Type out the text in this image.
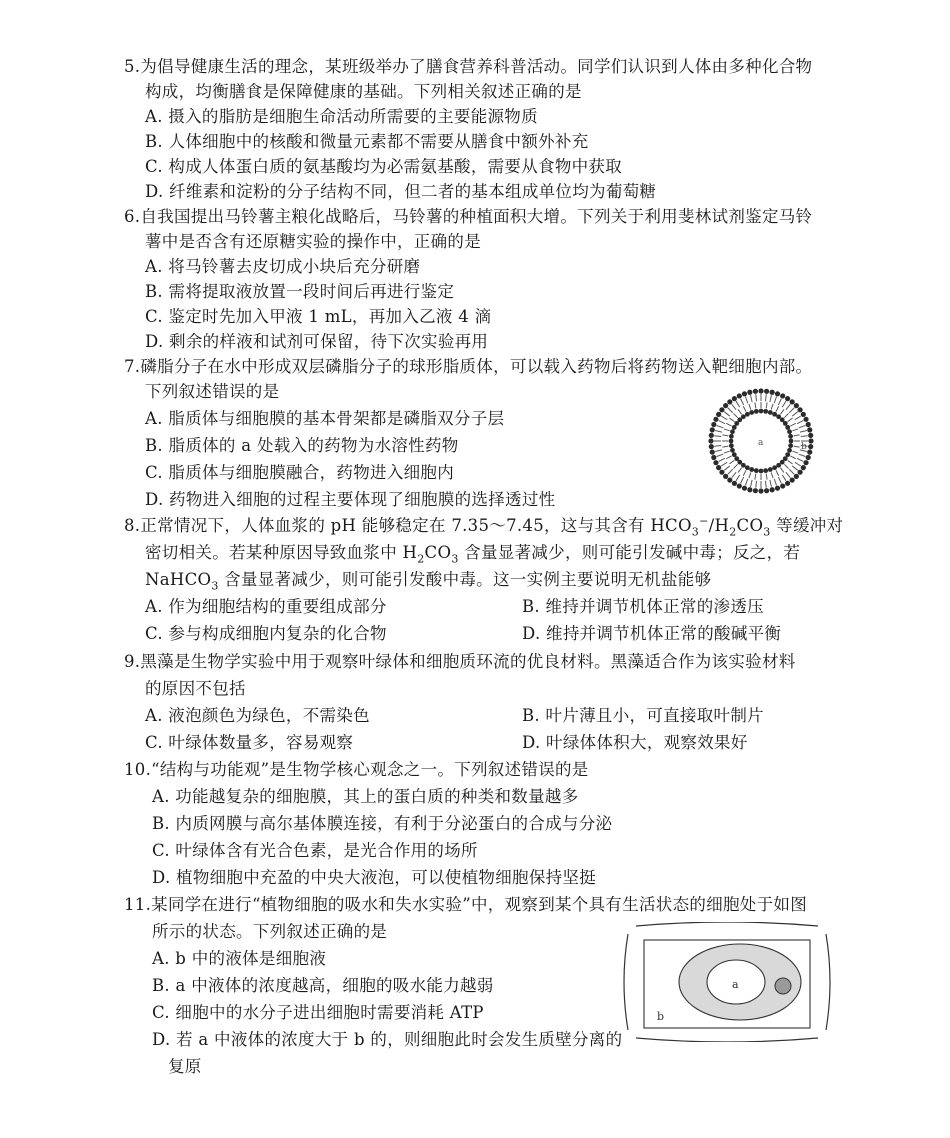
5.为倡导健康生活的理念，某班级举办了膳食营养科普活动。同学们认识到人体由多种化合物
构成，均衡膳食是保障健康的基础。下列相关叙述正确的是
A. 摄入的脂肪是细胞生命活动所需要的主要能源物质
B. 人体细胞中的核酸和微量元素都不需要从膳食中额外补充
C. 构成人体蛋白质的氨基酸均为必需氨基酸，需要从食物中获取
D. 纤维素和淀粉的分子结构不同，但二者的基本组成单位均为葡萄糖
6.自我国提出马铃薯主粮化战略后，马铃薯的种植面积大增。下列关于利用斐林试剂鉴定马铃
薯中是否含有还原糖实验的操作中，正确的是
A. 将马铃薯去皮切成小块后充分研磨
B. 需将提取液放置一段时间后再进行鉴定
C. 鉴定时先加入甲液 1 mL，再加入乙液 4 滴
D. 剩余的样液和试剂可保留，待下次实验再用
7.磷脂分子在水中形成双层磷脂分子的球形脂质体，可以载入药物后将药物送入靶细胞内部。
下列叙述错误的是
A. 脂质体与细胞膜的基本骨架都是磷脂双分子层
B. 脂质体的 a 处载入的药物为水溶性药物
C. 脂质体与细胞膜融合，药物进入细胞内
D. 药物进入细胞的过程主要体现了细胞膜的选择透过性
a	b
8.正常情况下，人体血浆的 pH 能够稳定在 7.35～7.45，这与其含有 $HCO_3^-/H_2CO_3$ 等缓冲对
密切相关。若某种原因导致血浆中 $H_2CO_3$ 含量显著减少，则可能引发碱中毒；反之，若
NaHCO$_3$ 含量显著减少，则可能引发酸中毒。这一实例主要说明无机盐能够
A. 作为细胞结构的重要组成部分	B. 维持并调节机体正常的渗透压
C. 参与构成细胞内复杂的化合物	D. 维持并调节机体正常的酸碱平衡
9.黑藻是生物学实验中用于观察叶绿体和细胞质环流的优良材料。黑藻适合作为该实验材料
的原因不包括
A. 液泡颜色为绿色，不需染色	B. 叶片薄且小，可直接取叶制片
C. 叶绿体数量多，容易观察	D. 叶绿体体积大，观察效果好
10.“结构与功能观”是生物学核心观念之一。下列叙述错误的是
A. 功能越复杂的细胞膜，其上的蛋白质的种类和数量越多
B. 内质网膜与高尔基体膜连接，有利于分泌蛋白的合成与分泌
C. 叶绿体含有光合色素，是光合作用的场所
D. 植物细胞中充盈的中央大液泡，可以使植物细胞保持坚挺
11.某同学在进行“植物细胞的吸水和失水实验”中，观察到某个具有生活状态的细胞处于如图
所示的状态。下列叙述正确的是
A. b 中的液体是细胞液
B. a 中液体的浓度越高，细胞的吸水能力越弱
C. 细胞中的水分子进出细胞时需要消耗 ATP
D. 若 a 中液体的浓度大于 b 的，则细胞此时会发生质壁分离的
复原
a
b
